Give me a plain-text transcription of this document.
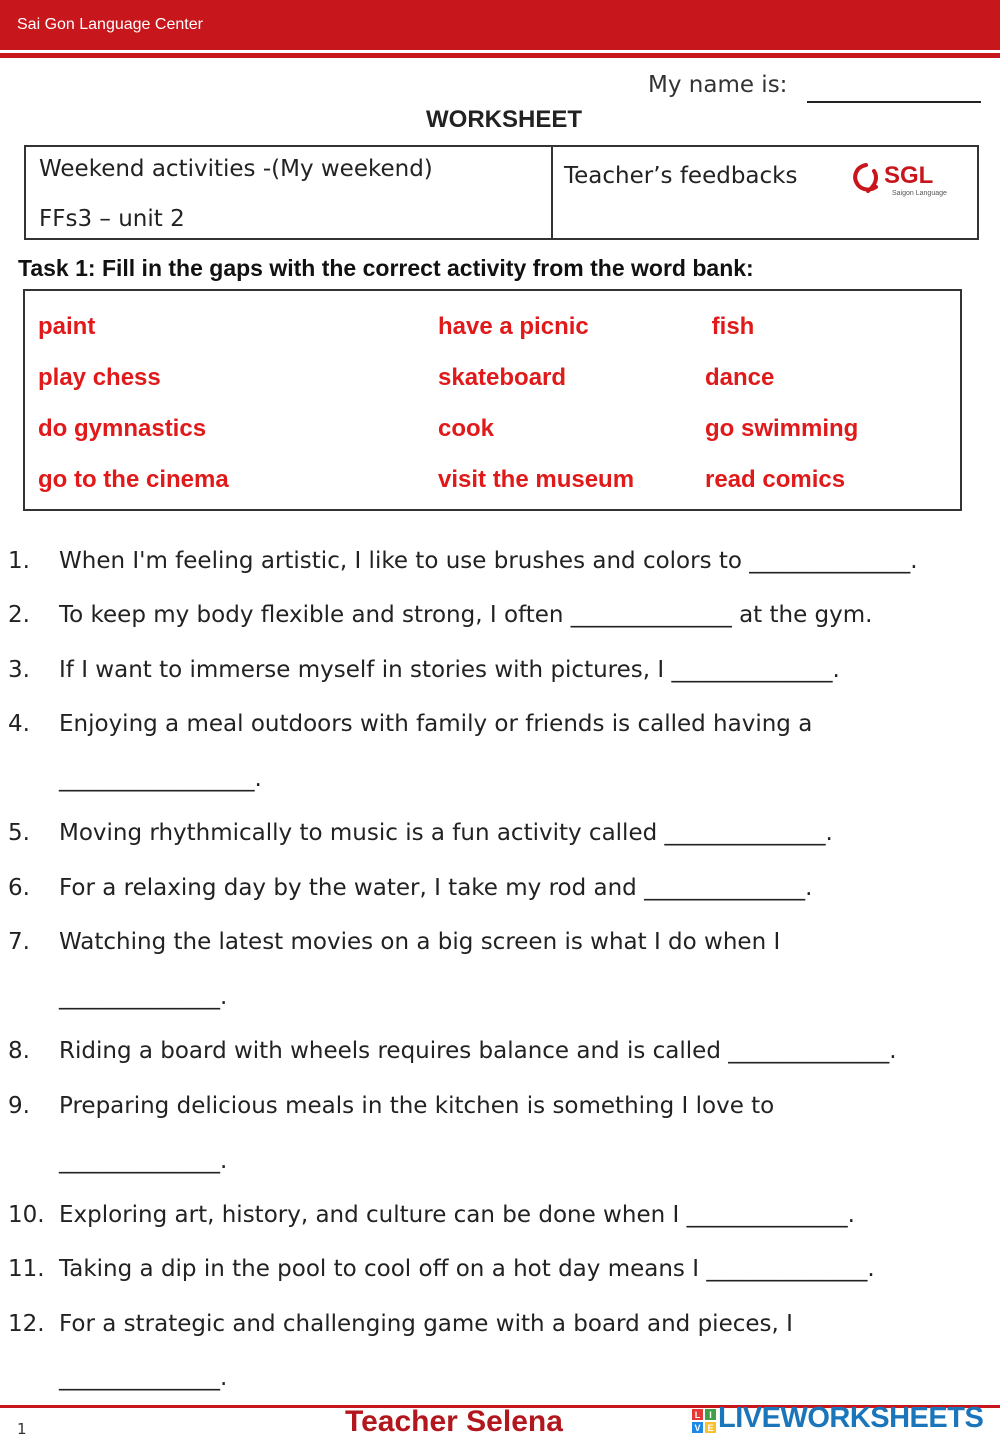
Sai Gon Language Center
My name is:
WORKSHEET
Weekend activities -(My weekend)
FFs3 – unit 2
Teacher’s feedbacks	SGL
Saigon Language
Task 1: Fill in the gaps with the correct activity from the word bank:
paint	have a picnic	fish
play chess	skateboard	dance
do gymnastics	cook	go swimming
go to the cinema	visit the museum	read comics
1. When I'm feeling artistic, I like to use brushes and colors to ______________.
2. To keep my body flexible and strong, I often ______________ at the gym.
3. If I want to immerse myself in stories with pictures, I ______________.
4. Enjoying a meal outdoors with family or friends is called having a
_________________.
5. Moving rhythmically to music is a fun activity called ______________.
6. For a relaxing day by the water, I take my rod and ______________.
7. Watching the latest movies on a big screen is what I do when I
______________.
8. Riding a board with wheels requires balance and is called ______________.
9. Preparing delicious meals in the kitchen is something I love to
______________.
10. Exploring art, history, and culture can be done when I ______________.
11. Taking a dip in the pool to cool off on a hot day means I ______________.
12. For a strategic and challenging game with a board and pieces, I
______________.
1	Teacher Selena	L I
V E LIVEWORKSHEETS
